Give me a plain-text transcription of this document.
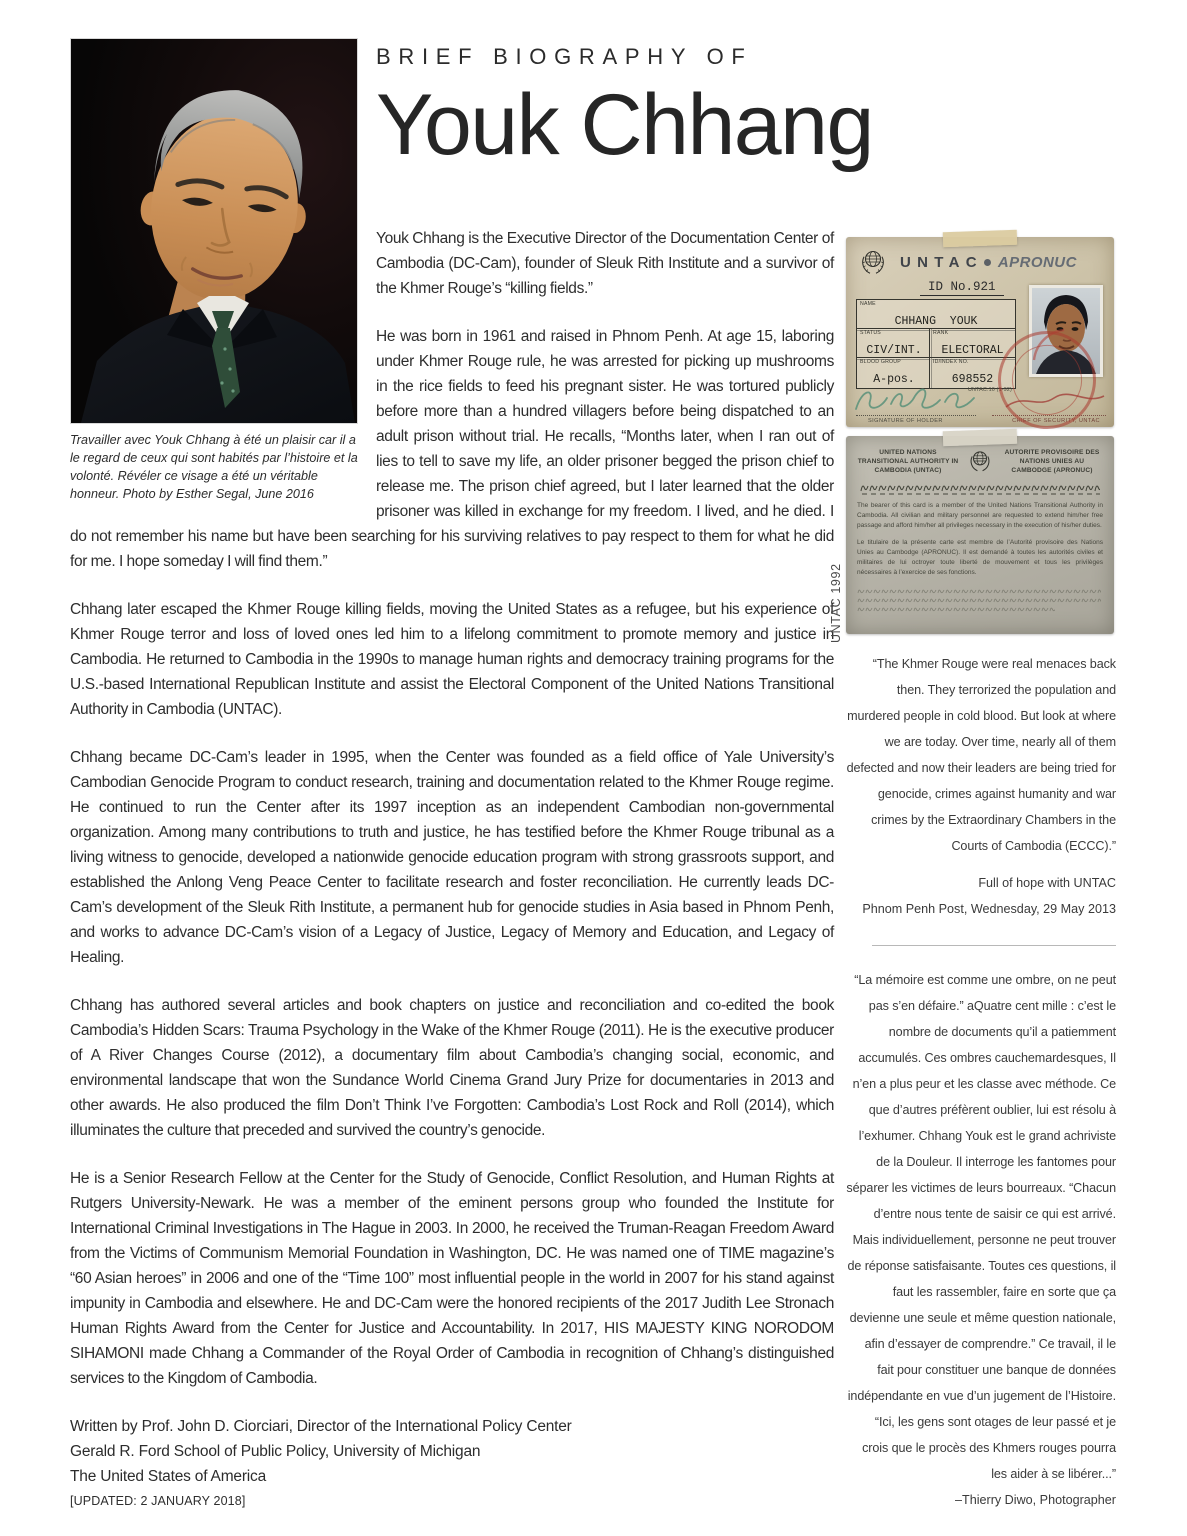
Travailler avec Youk Chhang à été un plaisir car il a le regard de ceux qui sont habités par l’histoire et la volonté. Révéler ce visage a été un véritable honneur. Photo by Esther Segal, June 2016
BRIEF BIOGRAPHY OF
Youk Chhang

Youk Chhang is the Executive Director of the Documentation Center of Cambodia (DC-Cam), founder of Sleuk Rith Institute and a survivor of the Khmer Rouge’s “killing fields.”

He was born in 1961 and raised in Phnom Penh. At age 15, laboring under Khmer Rouge rule, he was arrested for picking up mushrooms in the rice fields to feed his pregnant sister. He was tortured publicly before more than a hundred villagers before being dispatched to an adult prison without trial. He recalls, “Months later, when I ran out of lies to tell to save my life, an older prisoner begged the prison chief to release me. The prison chief agreed, but I later learned that the older prisoner was killed in exchange for my freedom. I lived, and he died. I do not remember his name but have been searching for his surviving relatives to pay respect to them for what he did for me. I hope someday I will find them.”

Chhang later escaped the Khmer Rouge killing fields, moving the United States as a refugee, but his experience of Khmer Rouge terror and loss of loved ones led him to a lifelong commitment to promote memory and justice in Cambodia. He returned to Cambodia in the 1990s to manage human rights and democracy training programs for the U.S.-based International Republican Institute and assist the Electoral Component of the United Nations Transitional Authority in Cambodia (UNTAC).

Chhang became DC-Cam’s leader in 1995, when the Center was founded as a field office of Yale University’s Cambodian Genocide Program to conduct research, training and documentation related to the Khmer Rouge regime. He continued to run the Center after its 1997 inception as an independent Cambodian non-governmental organization. Among many contributions to truth and justice, he has testified before the Khmer Rouge tribunal as a living witness to genocide, developed a nationwide genocide education program with strong grassroots support, and established the Anlong Veng Peace Center to facilitate research and foster reconciliation. He currently leads DC-Cam’s development of the Sleuk Rith Institute, a permanent hub for genocide studies in Asia based in Phnom Penh, and works to advance DC-Cam’s vision of a Legacy of Justice, Legacy of Memory and Education, and Legacy of Healing.

Chhang has authored several articles and book chapters on justice and reconciliation and co-edited the book Cambodia’s Hidden Scars: Trauma Psychology in the Wake of the Khmer Rouge (2011). He is the executive producer of A River Changes Course (2012), a documentary film about Cambodia’s changing social, economic, and environmental landscape that won the Sundance World Cinema Grand Jury Prize for documentaries in 2013 and other awards. He also produced the film Don’t Think I’ve Forgotten: Cambodia’s Lost Rock and Roll (2014), which illuminates the culture that preceded and survived the country’s genocide.

He is a Senior Research Fellow at the Center for the Study of Genocide, Conflict Resolution, and Human Rights at Rutgers University-Newark. He was a member of the eminent persons group who founded the Institute for International Criminal Investigations in The Hague in 2003. In 2000, he received the Truman-Reagan Freedom Award from the Victims of Communism Memorial Foundation in Washington, DC. He was named one of TIME magazine’s “60 Asian heroes” in 2006 and one of the “Time 100” most influential people in the world in 2007 for his stand against impunity in Cambodia and elsewhere. He and DC-Cam were the honored recipients of the 2017 Judith Lee Stronach Human Rights Award from the Center for Justice and Accountability. In 2017, HIS MAJESTY KING NORODOM SIHAMONI made Chhang a Commander of the Royal Order of Cambodia in recognition of Chhang’s distinguished services to the Kingdom of Cambodia.

Written by Prof. John D. Ciorciari, Director of the International Policy Center
Gerald R. Ford School of Public Policy, University of Michigan
The United States of America
[UPDATED: 2 JANUARY 2018]
UNTAC 1992
UNTAC APRONUC
ID No.921
NAME
CHHANG  YOUK
STATUS
CIV/INT.
RANK
ELECTORAL
BLOOD GROUP
A-pos.
ID/INDEX NO.
698552
UNTAC.10 (1-92)
SIGNATURE OF HOLDER	CHIEF OF SECURITY, UNTAC
UNITED NATIONS TRANSITIONAL AUTHORITY IN CAMBODIA (UNTAC)
AUTORITE PROVISOIRE DES NATIONS UNIES AU CAMBODGE (APRONUC)
The bearer of this card is a member of the United Nations Transitional Authority in Cambodia. All civilian and military personnel are requested to extend him/her free passage and afford him/her all privileges necessary in the execution of his/her duties.
Le titulaire de la présente carte est membre de l’Autorité provisoire des Nations Unies au Cambodge (APRONUC). Il est demandé à toutes les autorités civiles et militaires de lui octroyer toute liberté de mouvement et tous les privilèges nécessaires à l’exercice de ses fonctions.
“The Khmer Rouge were real menaces back then. They terrorized the population and murdered people in cold blood. But look at where we are today. Over time, nearly all of them defected and now their leaders are being tried for genocide, crimes against humanity and war crimes by the Extraordinary Chambers in the Courts of Cambodia (ECCC).”
Full of hope with UNTAC
Phnom Penh Post, Wednesday, 29 May 2013
“La mémoire est comme une ombre, on ne peut pas s’en défaire.” aQuatre cent mille : c’est le nombre de documents qu’il a patiemment accumulés. Ces ombres cauchemardesques, Il n’en a plus peur et les classe avec méthode. Ce que d’autres préfèrent oublier, lui est résolu à l’exhumer. Chhang Youk est le grand achriviste de la Douleur. Il interroge les fantomes pour séparer les victimes de leurs bourreaux. “Chacun d’entre nous tente de saisir ce qui est arrivé. Mais individuellement, personne ne peut trouver de réponse satisfaisante. Toutes ces questions, il faut les rassembler, faire en sorte que ça devienne une seule et même question nationale, afin d’essayer de comprendre.” Ce travail, il le fait pour constituer une banque de données indépendante en vue d’un jugement de l’Histoire. “Ici, les gens sont otages de leur passé et je crois que le procès des Khmers rouges pourra les aider à se libérer...”
–Thierry Diwo, Photographer
